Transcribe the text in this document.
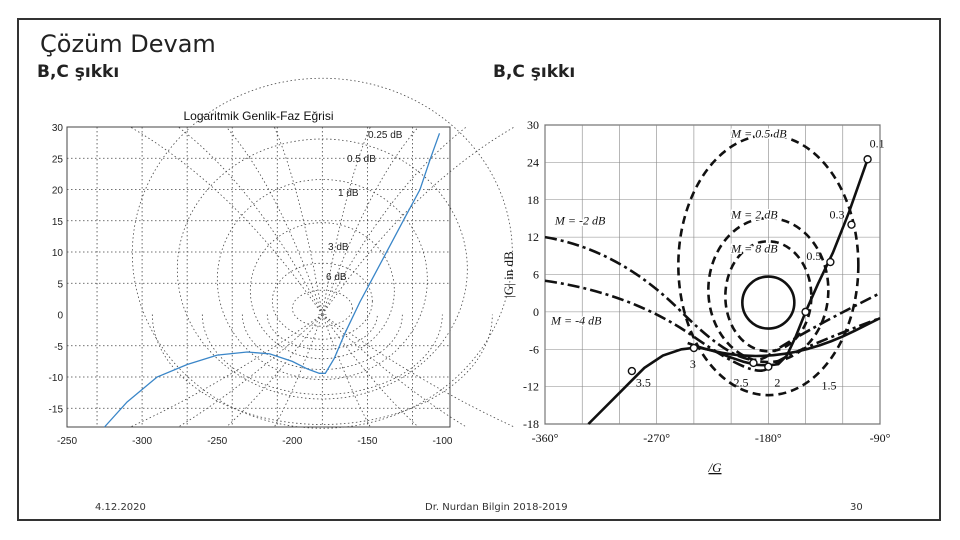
Çözüm Devam
B,C şıkkı	B,C şıkkı
Logaritmik Genlik-Faz Eğrisi
30
25
20
15
10
5
0
-5
-10
-15
-250	-300	-250	-200	-150	-100
0.25 dB
0.5 dB
1 dB
3 dB
6 dB
30
24
18
12
6
0
-6
-12
-18
-360°	-270°	-180°	-90°
/G
|G| in dB
0.1
0.3
0.5
1.5
2
2.5
3
3.5
M = 0.5 dB
M = 2 dB
M = 8 dB
M = -2 dB
M = -4 dB
4.12.2020	Dr. Nurdan Bilgin 2018-2019	30
